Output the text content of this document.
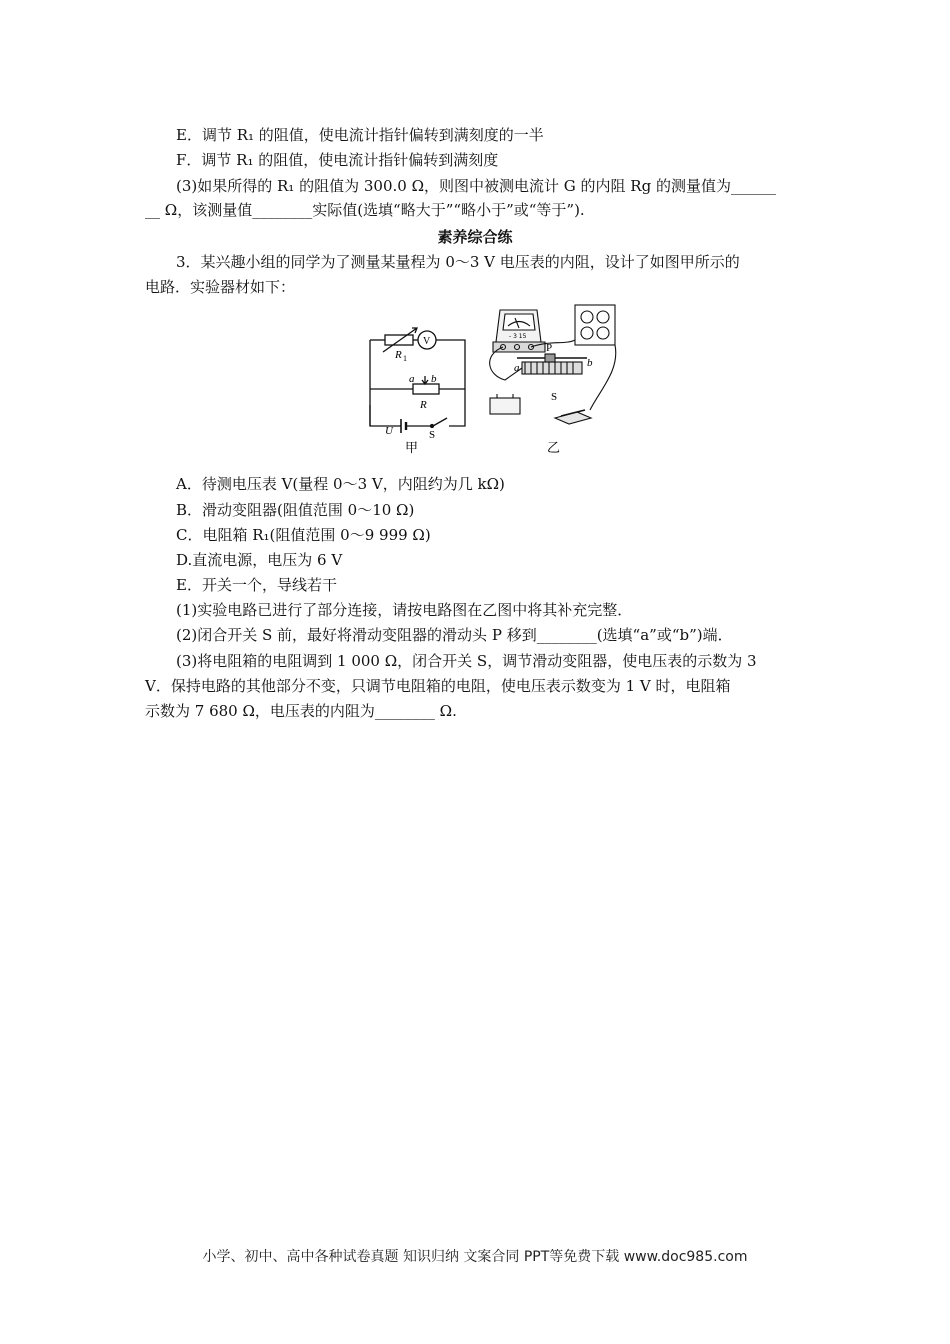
E．调节 R₁ 的阻值，使电流计指针偏转到满刻度的一半
F．调节 R₁ 的阻值，使电流计指针偏转到满刻度
(3)如果所得的 R₁ 的阻值为 300.0 Ω，则图中被测电流计 G 的内阻 Rg 的测量值为______
__ Ω，该测量值________实际值(选填“略大于”“略小于”或“等于”).
素养综合练
3．某兴趣小组的同学为了测量某量程为 0～3 V 电压表的内阻，设计了如图甲所示的
电路．实验器材如下：
R 1
V
a b
R
U	S
甲
- 3 15
P
a	b
S
乙
A．待测电压表 V(量程 0～3 V，内阻约为几 kΩ)
B．滑动变阻器(阻值范围 0～10 Ω)
C．电阻箱 R₁(阻值范围 0～9 999 Ω)
D.直流电源，电压为 6 V
E．开关一个，导线若干
(1)实验电路已进行了部分连接，请按电路图在乙图中将其补充完整．
(2)闭合开关 S 前，最好将滑动变阻器的滑动头 P 移到________(选填“a”或“b”)端．
(3)将电阻箱的电阻调到 1 000 Ω，闭合开关 S，调节滑动变阻器，使电压表的示数为 3
V．保持电路的其他部分不变，只调节电阻箱的电阻，使电压表示数变为 1 V 时，电阻箱
示数为 7 680 Ω，电压表的内阻为________ Ω.
小学、初中、高中各种试卷真题 知识归纳 文案合同 PPT等免费下载 www.doc985.com
